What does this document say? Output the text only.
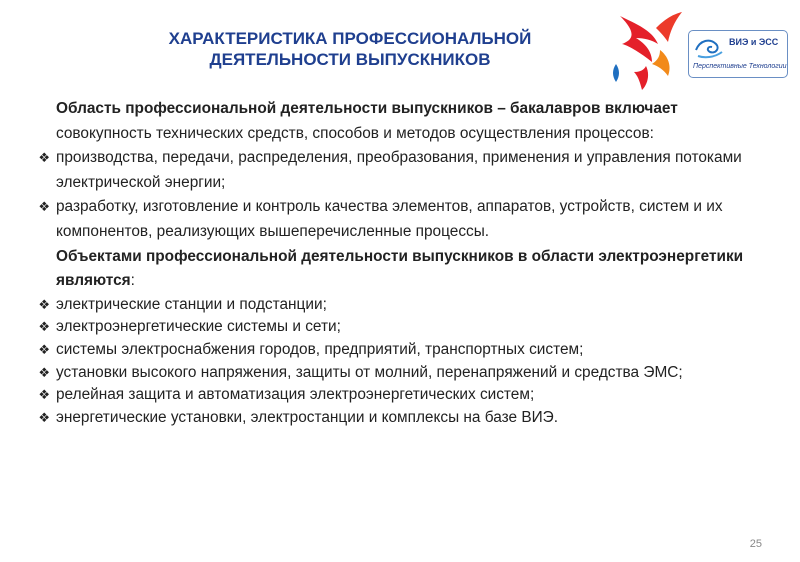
ХАРАКТЕРИСТИКА ПРОФЕССИОНАЛЬНОЙ
ДЕЯТЕЛЬНОСТИ ВЫПУСКНИКОВ
ВИЭ и ЭСС
Перспективные Технологии
Область профессиональной деятельности выпускников – бакалавров включает совокупность технических средств, способов и методов осуществления процессов:
❖ производства, передачи, распределения, преобразования, применения и управления потоками электрической энергии;
❖ разработку, изготовление и контроль качества элементов, аппаратов, устройств, систем и их компонентов, реализующих вышеперечисленные процессы.
Объектами профессиональной деятельности выпускников в области электроэнергетики являются:
❖ электрические станции и подстанции;
❖ электроэнергетические системы и сети;
❖ системы электроснабжения городов, предприятий, транспортных систем;
❖ установки высокого напряжения, защиты от молний, перенапряжений и средства ЭМС;
❖ релейная защита и автоматизация электроэнергетических систем;
❖ энергетические установки, электростанции и комплексы на базе ВИЭ.
25
